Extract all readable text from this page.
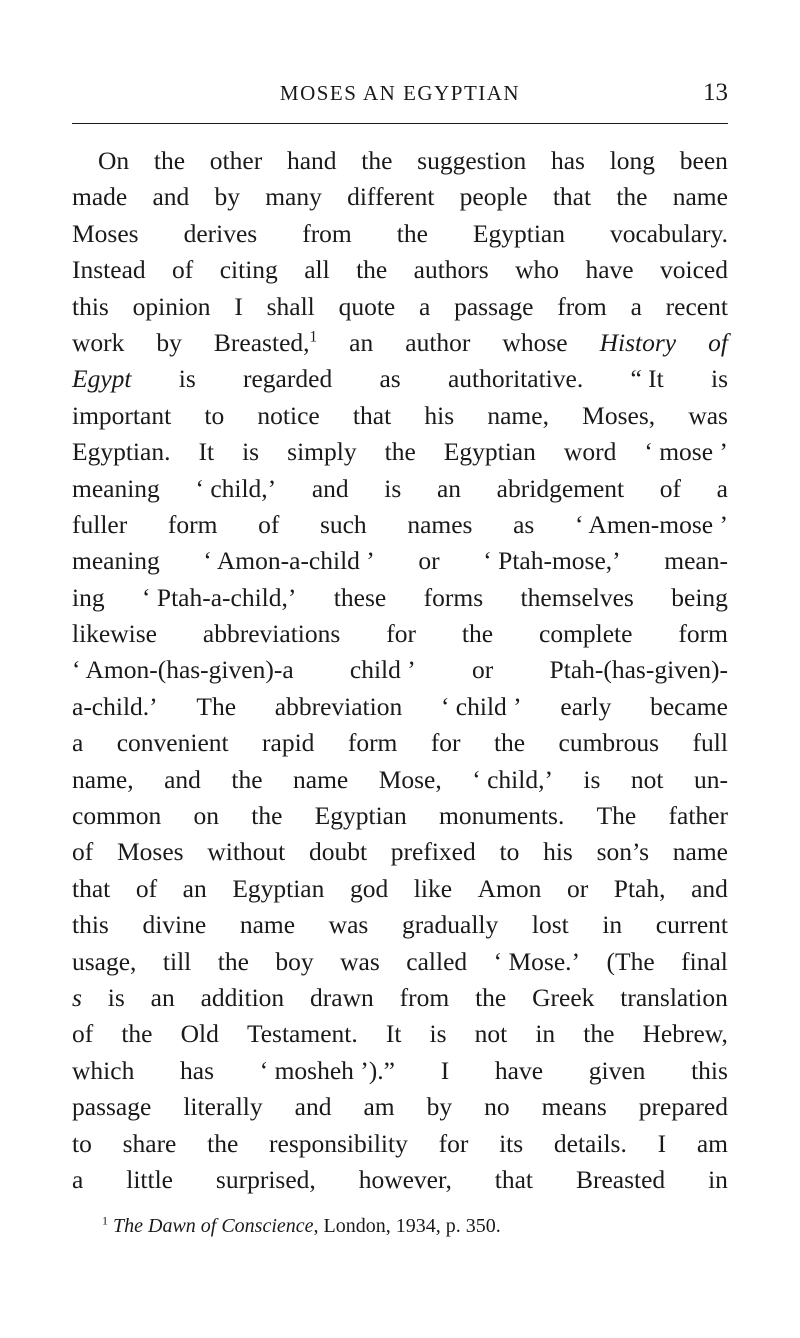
MOSES AN EGYPTIAN	13
On the other hand the suggestion has long been
made and by many different people that the name
Moses derives from the Egyptian vocabulary.
Instead of citing all the authors who have voiced
this opinion I shall quote a passage from a recent
work by Breasted,$^1$ an author whose History of
Egypt is regarded as authoritative. “ It is
important to notice that his name, Moses, was
Egyptian. It is simply the Egyptian word ‘ mose ’
meaning ‘ child,’ and is an abridgement of a
fuller form of such names as ‘ Amen-mose ’
meaning ‘ Amon-a-child ’ or ‘ Ptah-mose,’ mean-
ing ‘ Ptah-a-child,’ these forms themselves being
likewise abbreviations for the complete form
‘ Amon-(has-given)-a child ’ or Ptah-(has-given)-
a-child.’ The abbreviation ‘ child ’ early became
a convenient rapid form for the cumbrous full
name, and the name Mose, ‘ child,’ is not un-
common on the Egyptian monuments. The father
of Moses without doubt prefixed to his son’s name
that of an Egyptian god like Amon or Ptah, and
this divine name was gradually lost in current
usage, till the boy was called ‘ Mose.’ (The final
s is an addition drawn from the Greek translation
of the Old Testament. It is not in the Hebrew,
which has ‘ mosheh ’).” I have given this
passage literally and am by no means prepared
to share the responsibility for its details. I am
a little surprised, however, that Breasted in
$^1$ The Dawn of Conscience, London, 1934, p. 350.
